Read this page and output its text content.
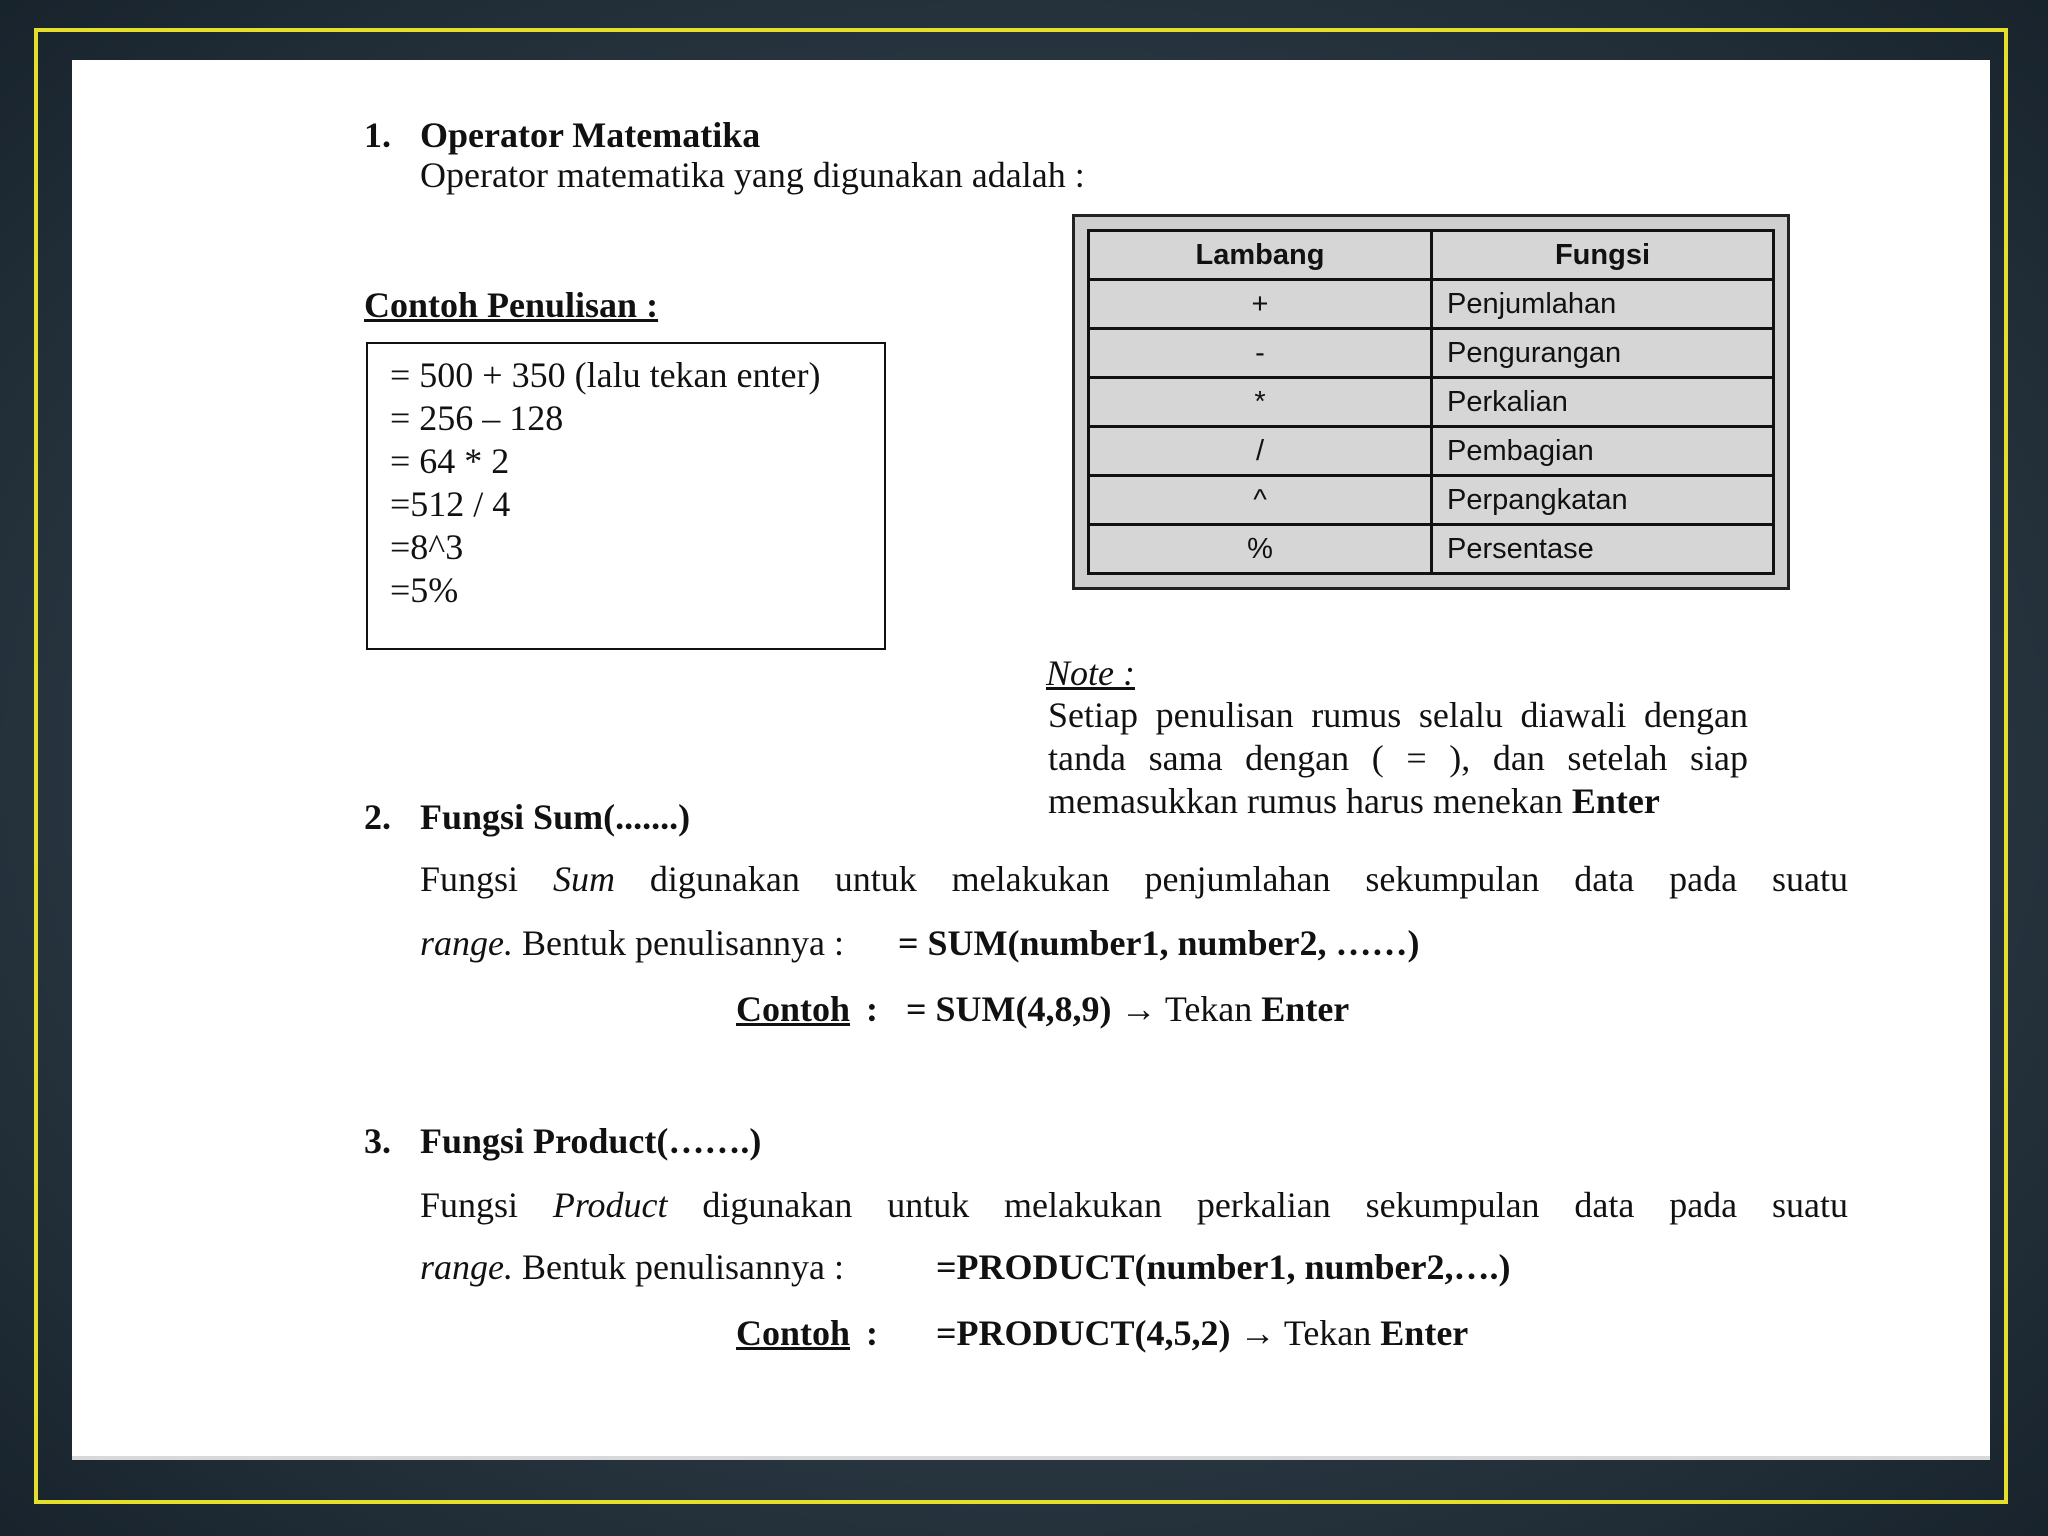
1. Operator Matematika
Operator matematika yang digunakan adalah :
Contoh Penulisan :
= 500 + 350 (lalu tekan enter)
= 256 – 128
= 64 * 2
=512 / 4
=8^3
=5%
Lambang	Fungsi
+	Penjumlahan
-	Pengurangan
*	Perkalian
/	Pembagian
^	Perpangkatan
%	Persentase
Note :
Setiap penulisan rumus selalu diawali dengan
tanda sama dengan ( = ), dan setelah siap
memasukkan rumus harus menekan Enter
2. Fungsi Sum(.......)
Fungsi Sum digunakan untuk melakukan penjumlahan sekumpulan data pada suatu
range. Bentuk penulisannya : = SUM(number1, number2, ……)
Contoh : = SUM(4,8,9) → Tekan Enter
3. Fungsi Product(…….)
Fungsi Product digunakan untuk melakukan perkalian sekumpulan data pada suatu
range. Bentuk penulisannya :	=PRODUCT(number1, number2,….)
Contoh : =PRODUCT(4,5,2) → Tekan Enter
